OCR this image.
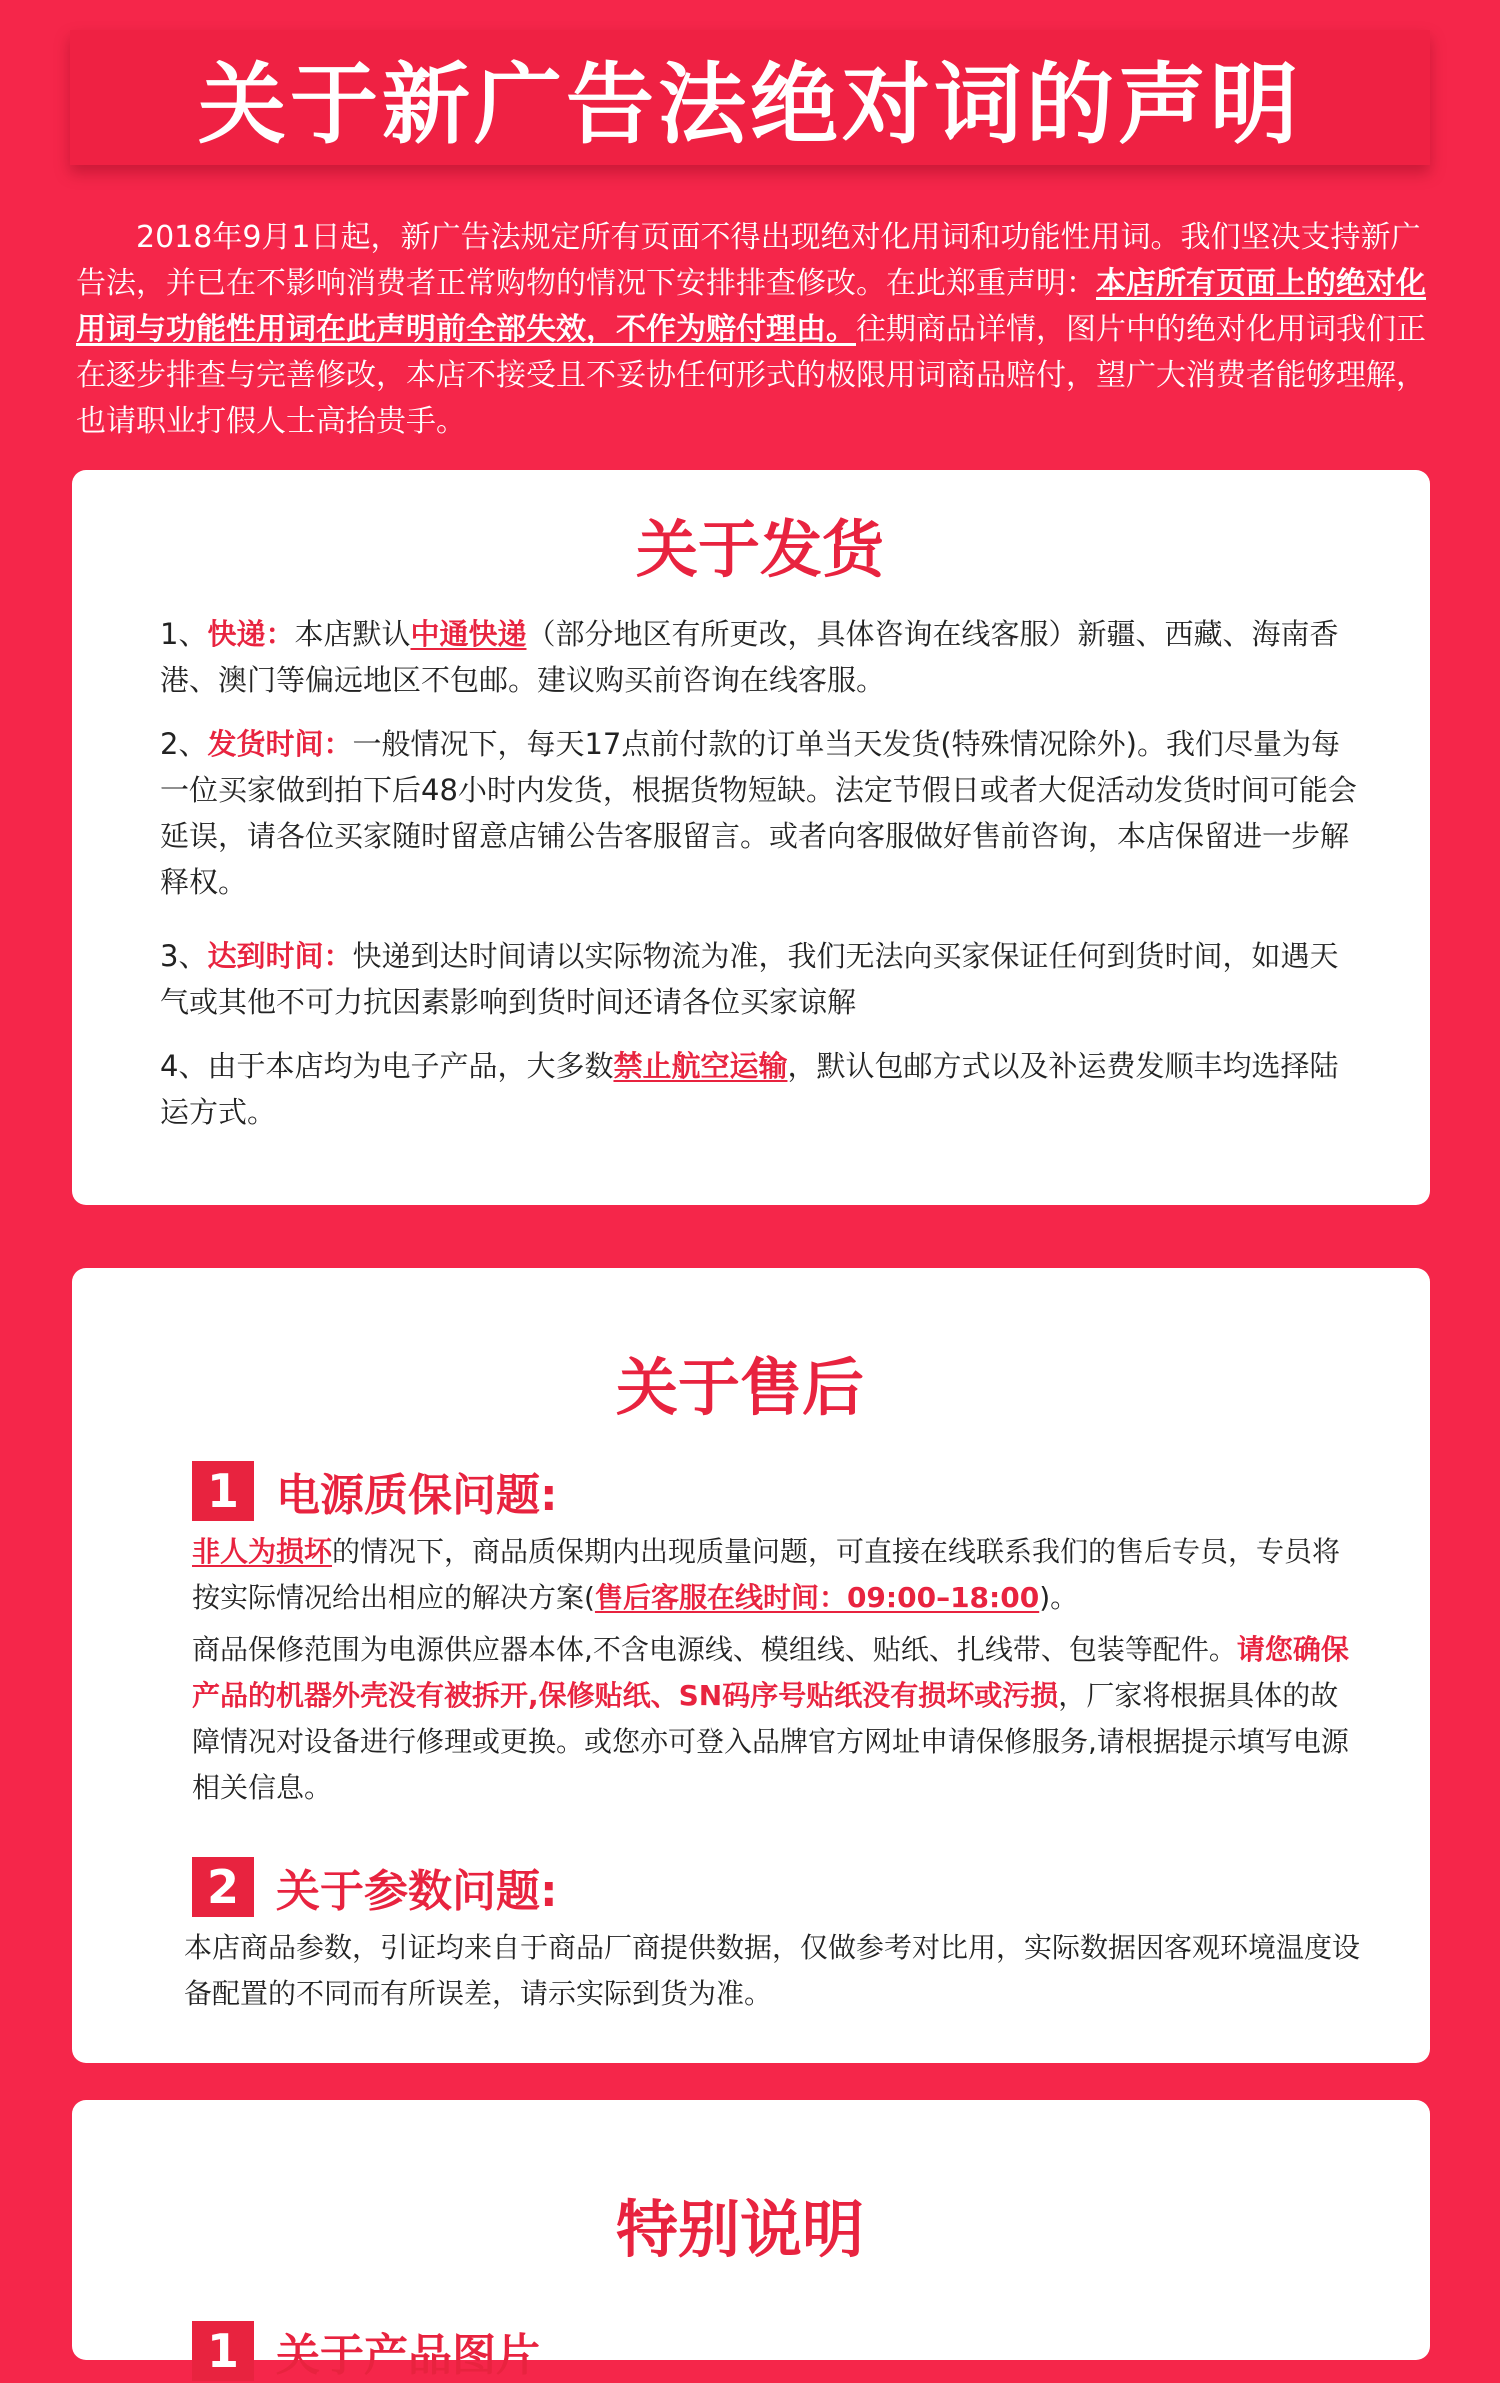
关于新广告法绝对词的声明

2018年9月1日起，新广告法规定所有页面不得出现绝对化用词和功能性用词。我们坚决支持新广告法，并已在不影响消费者正常购物的情况下安排排查修改。在此郑重声明：本店所有页面上的绝对化用词与功能性用词在此声明前全部失效，不作为赔付理由。往期商品详情，图片中的绝对化用词我们正在逐步排查与完善修改，本店不接受且不妥协任何形式的极限用词商品赔付，望广大消费者能够理解，也请职业打假人士高抬贵手。

关于发货

1、快递：本店默认中通快递（部分地区有所更改，具体咨询在线客服）新疆、西藏、海南香港、澳门等偏远地区不包邮。建议购买前咨询在线客服。

2、发货时间：一般情况下，每天17点前付款的订单当天发货(特殊情况除外)。我们尽量为每一位买家做到拍下后48小时内发货，根据货物短缺。法定节假日或者大促活动发货时间可能会延误，请各位买家随时留意店铺公告客服留言。或者向客服做好售前咨询，本店保留进一步解释权。

3、达到时间：快递到达时间请以实际物流为准，我们无法向买家保证任何到货时间，如遇天气或其他不可力抗因素影响到货时间还请各位买家谅解

4、由于本店均为电子产品，大多数禁止航空运输，默认包邮方式以及补运费发顺丰均选择陆运方式。

关于售后
1 电源质保问题:

非人为损坏的情况下，商品质保期内出现质量问题，可直接在线联系我们的售后专员，专员将按实际情况给出相应的解决方案(售后客服在线时间：09:00–18:00)。

商品保修范围为电源供应器本体,不含电源线、模组线、贴纸、扎线带、包装等配件。请您确保产品的机器外壳没有被拆开,保修贴纸、SN码序号贴纸没有损坏或污损，厂家将根据具体的故障情况对设备进行修理或更换。或您亦可登入品牌官方网址申请保修服务,请根据提示填写电源相关信息。

2 关于参数问题:

本店商品参数，引证均来自于商品厂商提供数据，仅做参考对比用，实际数据因客观环境温度设备配置的不同而有所误差，请示实际到货为准。

特别说明
1 关于产品图片
